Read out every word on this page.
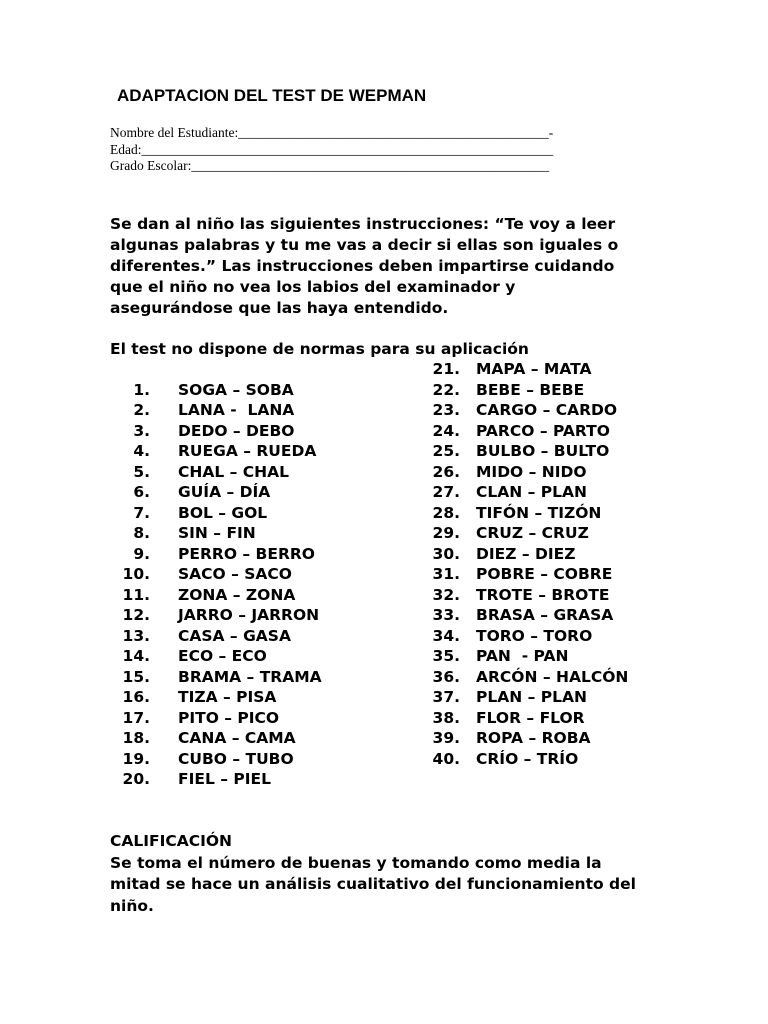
ADAPTACION DEL TEST DE WEPMAN
Nombre del Estudiante:______________________________________________-
Edad:_____________________________________________________________
Grado Escolar:_____________________________________________________
Se dan al niño las siguientes instrucciones: “Te voy a leer
algunas palabras y tu me vas a decir si ellas son iguales o
diferentes.” Las instrucciones deben impartirse cuidando
que el niño no vea los labios del examinador y
asegurándose que las haya entendido.
El test no dispone de normas para su aplicación
1. SOGA – SOBA
2. LANA -  LANA
3. DEDO – DEBO
4. RUEGA – RUEDA
5. CHAL – CHAL
6. GUÍA – DÍA
7. BOL – GOL
8. SIN – FIN
9. PERRO – BERRO
10. SACO – SACO
11. ZONA – ZONA
12. JARRO – JARRON
13. CASA – GASA
14. ECO – ECO
15. BRAMA – TRAMA
16. TIZA – PISA
17. PITO – PICO
18. CANA – CAMA
19. CUBO – TUBO
20. FIEL – PIEL
21. MAPA – MATA
22. BEBE – BEBE
23. CARGO – CARDO
24. PARCO – PARTO
25. BULBO – BULTO
26. MIDO – NIDO
27. CLAN – PLAN
28. TIFÓN – TIZÓN
29. CRUZ – CRUZ
30. DIEZ – DIEZ
31. POBRE – COBRE
32. TROTE – BROTE
33. BRASA – GRASA
34. TORO – TORO
35. PAN  - PAN
36. ARCÓN – HALCÓN
37. PLAN – PLAN
38. FLOR – FLOR
39. ROPA – ROBA
40. CRÍO – TRÍO
CALIFICACIÓN
Se toma el número de buenas y tomando como media la
mitad se hace un análisis cualitativo del funcionamiento del
niño.
